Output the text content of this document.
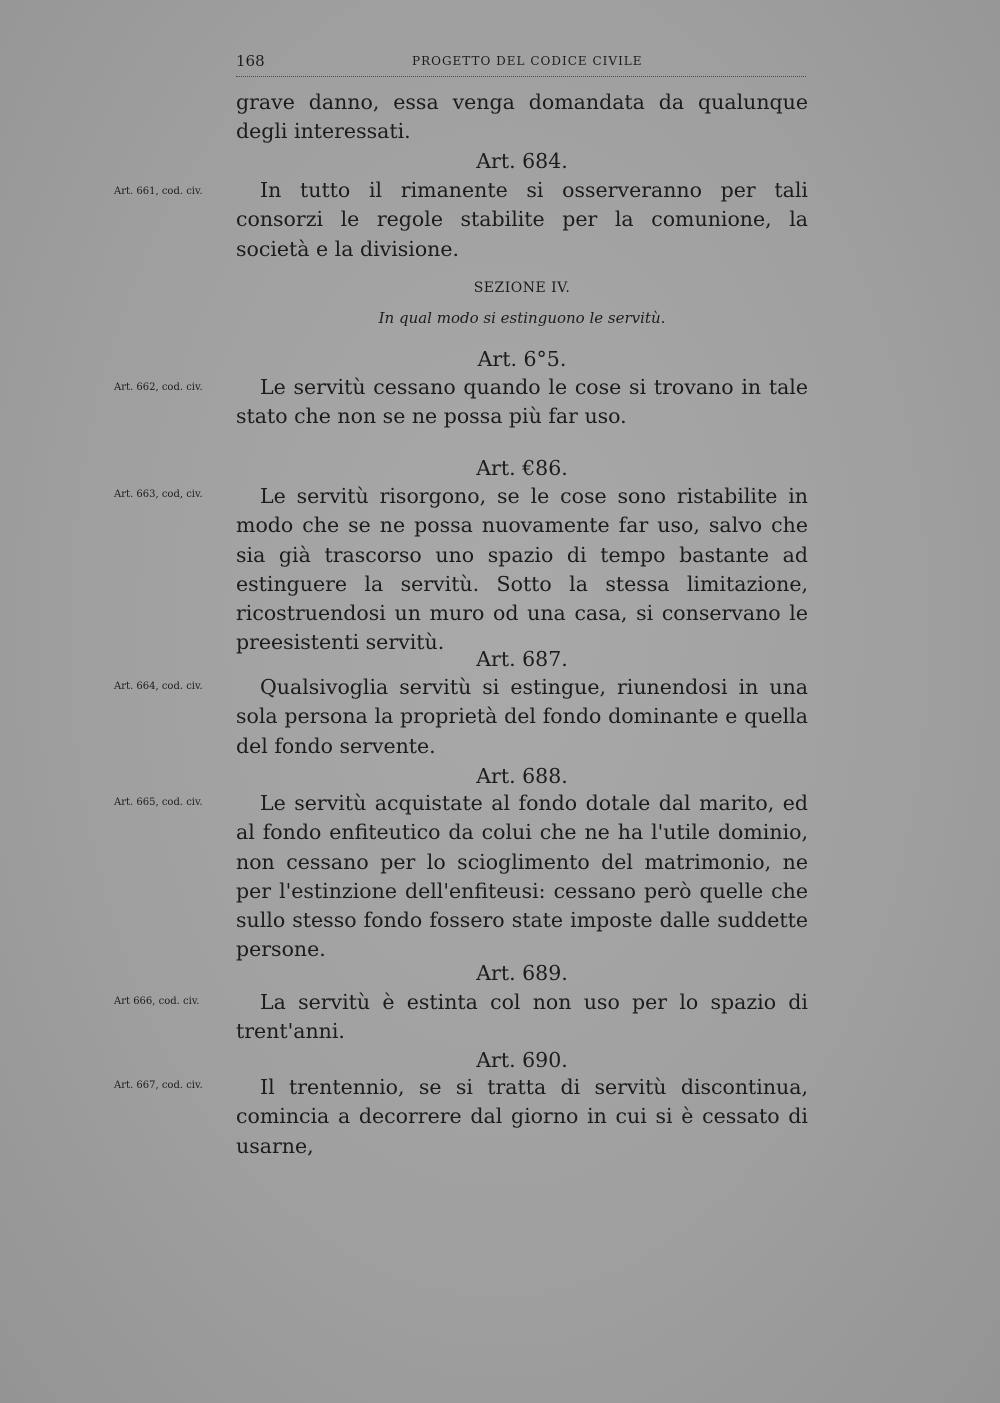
168	PROGETTO DEL CODICE CIVILE

grave danno, essa venga domandata da qualunque degli interessati.

Art. 684.

Art. 661, cod. civ.	In tutto il rimanente si osserveranno per tali consorzi le regole stabilite per la comunione, la società e la divisione.

SEZIONE IV.

In qual modo si estinguono le servitù.

Art. 6°5.

Art. 662, cod. civ.	Le servitù cessano quando le cose si trovano in tale stato che non se ne possa più far uso.

Art. €86.

Art. 663, cod, civ.	Le servitù risorgono, se le cose sono ristabilite in modo che se ne possa nuovamente far uso, salvo che sia già trascorso uno spazio di tempo bastante ad estinguere la servitù. Sotto la stessa limitazione, ricostruendosi un muro od una casa, si conservano le preesistenti servitù.

Art. 687.

Art. 664, cod. civ.	Qualsivoglia servitù si estingue, riunendosi in una sola persona la proprietà del fondo dominante e quella del fondo servente.

Art. 688.

Art. 665, cod. civ.	Le servitù acquistate al fondo dotale dal marito, ed al fondo enfiteutico da colui che ne ha l'utile dominio, non cessano per lo scioglimento del matrimonio, ne per l'estinzione dell'enfiteusi: cessano però quelle che sullo stesso fondo fossero state imposte dalle suddette persone.

Art. 689.

Art 666, cod. civ.	La servitù è estinta col non uso per lo spazio di trent'anni.

Art. 690.

Art. 667, cod. civ.	Il trentennio, se si tratta di servitù discontinua, comincia a decorrere dal giorno in cui si è cessato di usarne,
